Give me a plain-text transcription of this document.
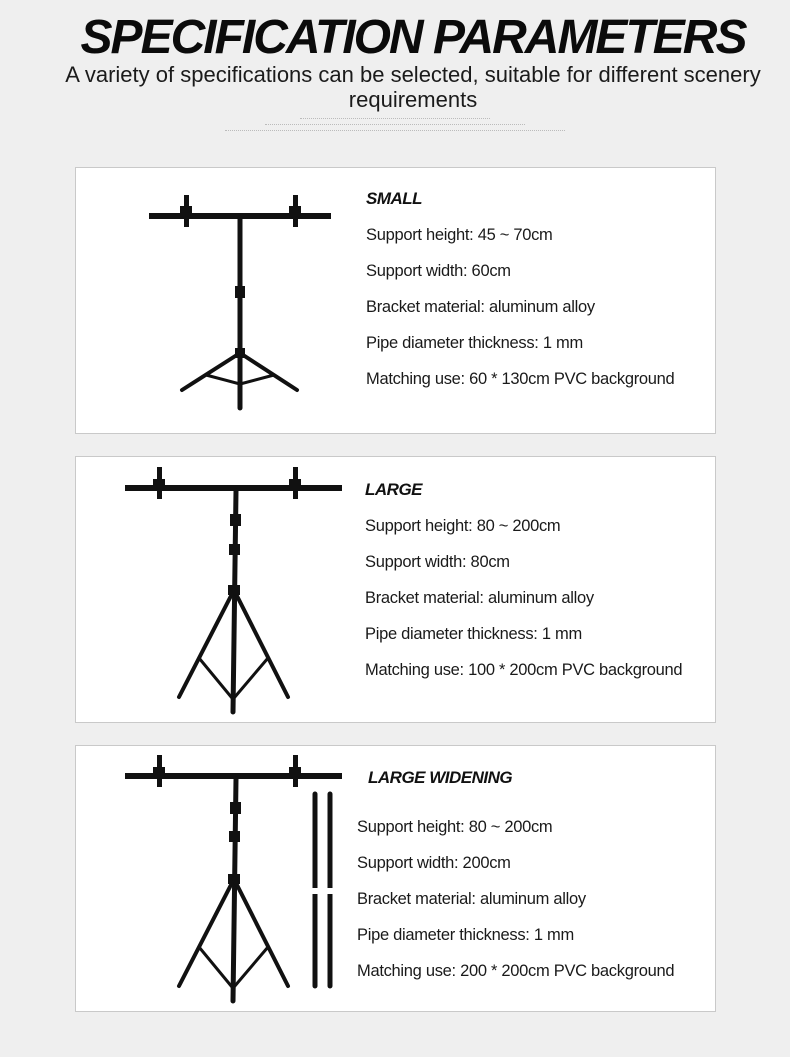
SPECIFICATION PARAMETERS
A variety of specifications can be selected, suitable for different scenery requirements
SMALL
Support height: 45 ~ 70cm
Support width: 60cm
Bracket material: aluminum alloy
Pipe diameter thickness: 1 mm
Matching use: 60 * 130cm PVC background
LARGE
Support height: 80 ~ 200cm
Support width: 80cm
Bracket material: aluminum alloy
Pipe diameter thickness: 1 mm
Matching use: 100 * 200cm PVC background
LARGE WIDENING
Support height: 80 ~ 200cm
Support width: 200cm
Bracket material: aluminum alloy
Pipe diameter thickness: 1 mm
Matching use: 200 * 200cm PVC background
